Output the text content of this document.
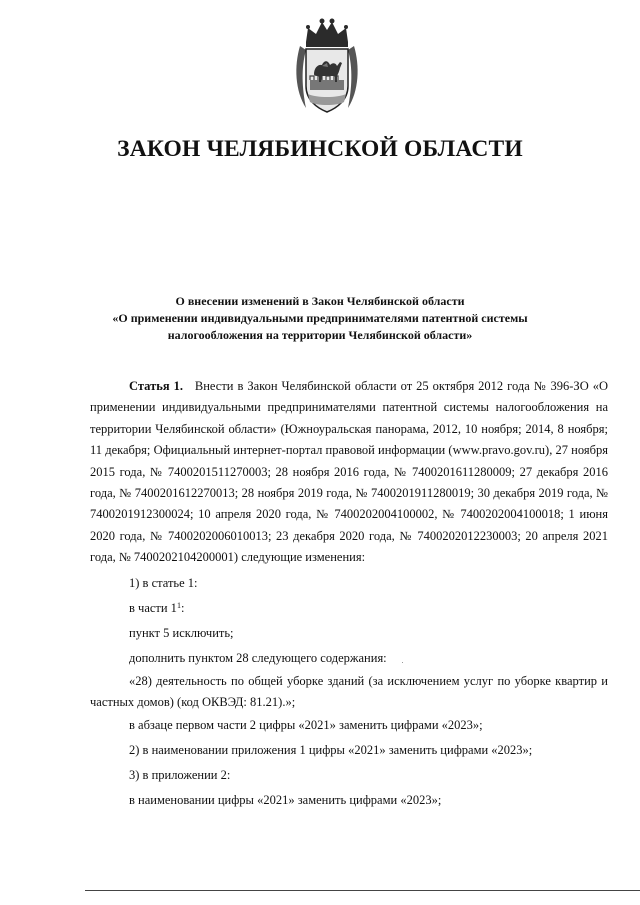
ЗАКОН ЧЕЛЯБИНСКОЙ ОБЛАСТИ
О внесении изменений в Закон Челябинской области
«О применении индивидуальными предпринимателями патентной системы
налогообложения на территории Челябинской области»

Статья 1. Внести в Закон Челябинской области от 25 октября 2012 года № 396-ЗО «О применении индивидуальными предпринимателями патентной системы налогообложения на территории Челябинской области» (Южноуральская панорама, 2012, 10 ноября; 2014, 8 ноября; 11 декабря; Официальный интернет-портал правовой информации (www.pravo.gov.ru), 27 ноября 2015 года, № 7400201511270003; 28 ноября 2016 года, № 7400201611280009; 27 декабря 2016 года, № 7400201612270013; 28 ноября 2019 года, № 7400201911280019; 30 декабря 2019 года, № 7400201912300024; 10 апреля 2020 года, № 7400202004100002, № 7400202004100018; 1 июня 2020 года, № 7400202006010013; 23 декабря 2020 года, № 7400202012230003; 20 апреля 2021 года, № 7400202104200001) следующие изменения:

1) в статье 1:

в части $1^1$:

пункт 5 исключить;

дополнить пунктом 28 следующего содержания:

«28) деятельность по общей уборке зданий (за исключением услуг по уборке квартир и частных домов) (код ОКВЭД: 81.21).»;

в абзаце первом части 2 цифры «2021» заменить цифрами «2023»;

2) в наименовании приложения 1 цифры «2021» заменить цифрами «2023»;

3) в приложении 2:

в наименовании цифры «2021» заменить цифрами «2023»;
